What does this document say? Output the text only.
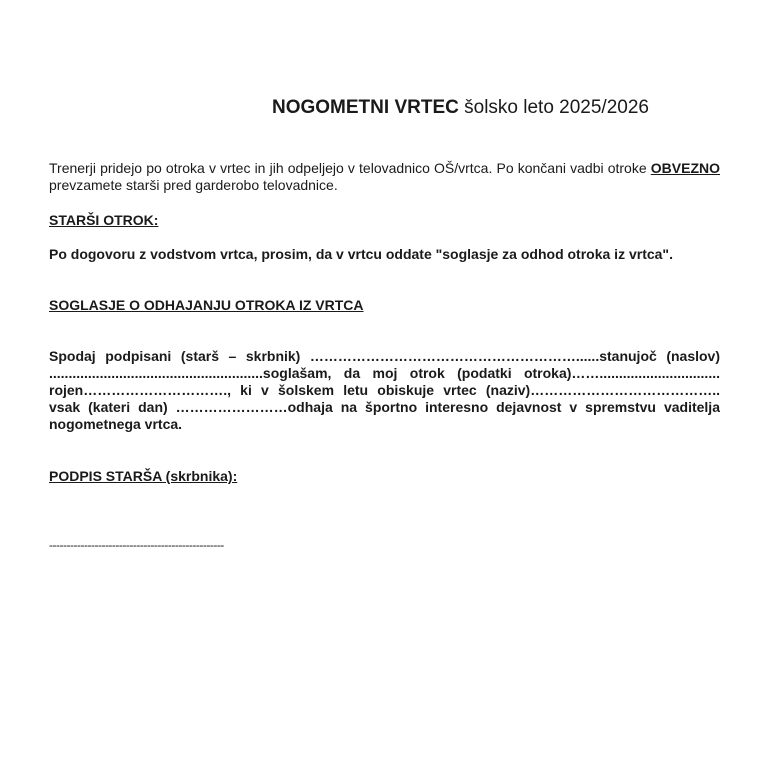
NOGOMETNI VRTEC šolsko leto 2025/2026
Trenerji pridejo po otroka v vrtec in jih odpeljejo v telovadnico OŠ/vrtca. Po končani vadbi otroke OBVEZNO prevzamete starši pred garderobo telovadnice.
STARŠI OTROK:
Po dogovoru z vodstvom vrtca, prosim, da v vrtcu oddate "soglasje za odhod otroka iz vrtca".
SOGLASJE O ODHAJANJU OTROKA IZ VRTCA
Spodaj podpisani (starš – skrbnik) …………………………………………………......stanujoč (naslov)
.......................................................soglašam, da moj otrok (podatki otroka)……...............................
rojen…………………………., ki v šolskem letu obiskuje vrtec (naziv)…………………………………..
vsak (kateri dan) ……………………odhaja na športno interesno dejavnost v spremstvu vaditelja
nogometnega vrtca.
PODPIS STARŠA (skrbnika):
--------------------------------------------------
